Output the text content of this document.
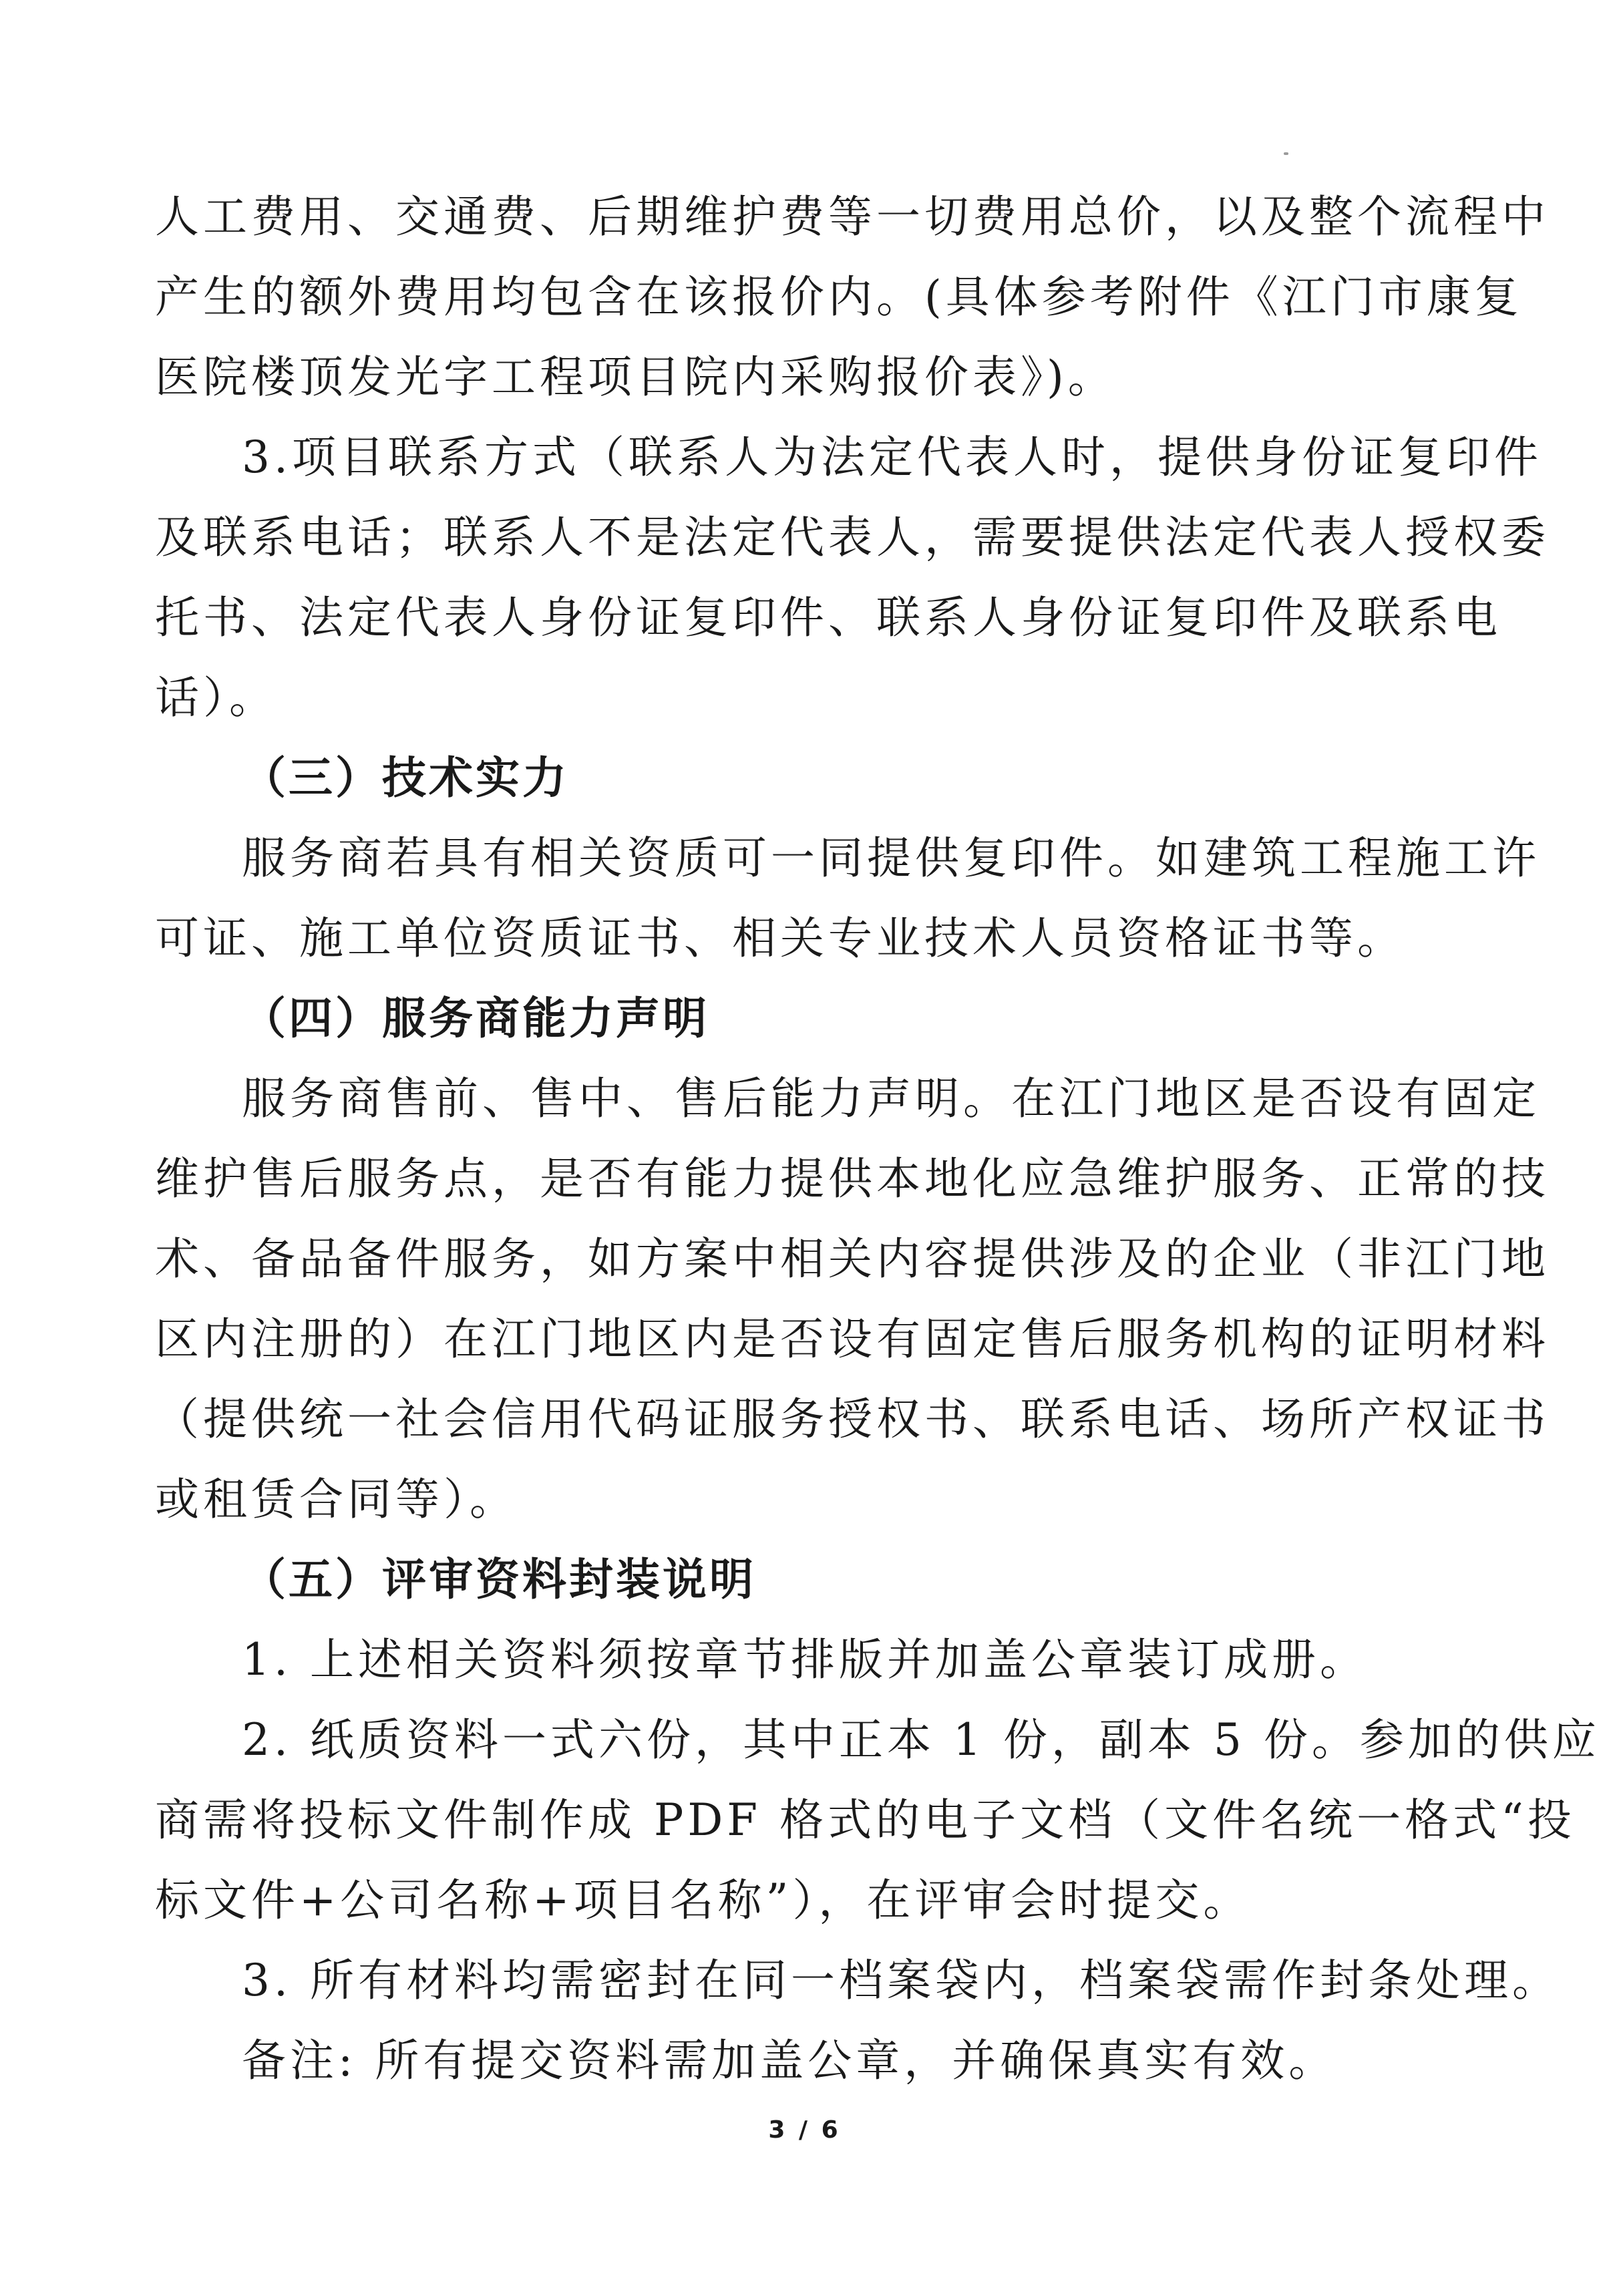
人工费用、交通费、后期维护费等一切费用总价，以及整个流程中
产生的额外费用均包含在该报价内。(具体参考附件《江门市康复
医院楼顶发光字工程项目院内采购报价表》)。
3.项目联系方式（联系人为法定代表人时，提供身份证复印件
及联系电话；联系人不是法定代表人，需要提供法定代表人授权委
托书、法定代表人身份证复印件、联系人身份证复印件及联系电
话）。
（三）技术实力
服务商若具有相关资质可一同提供复印件。如建筑工程施工许
可证、施工单位资质证书、相关专业技术人员资格证书等。
（四）服务商能力声明
服务商售前、售中、售后能力声明。在江门地区是否设有固定
维护售后服务点，是否有能力提供本地化应急维护服务、正常的技
术、备品备件服务，如方案中相关内容提供涉及的企业（非江门地
区内注册的）在江门地区内是否设有固定售后服务机构的证明材料
（提供统一社会信用代码证服务授权书、联系电话、场所产权证书
或租赁合同等）。
（五）评审资料封装说明
1. 上述相关资料须按章节排版并加盖公章装订成册。
2. 纸质资料一式六份，其中正本 1 份，副本 5 份。参加的供应
商需将投标文件制作成 PDF 格式的电子文档（文件名统一格式“投
标文件+公司名称+项目名称”），在评审会时提交。
3. 所有材料均需密封在同一档案袋内，档案袋需作封条处理。
备注: 所有提交资料需加盖公章，并确保真实有效。
3 / 6
